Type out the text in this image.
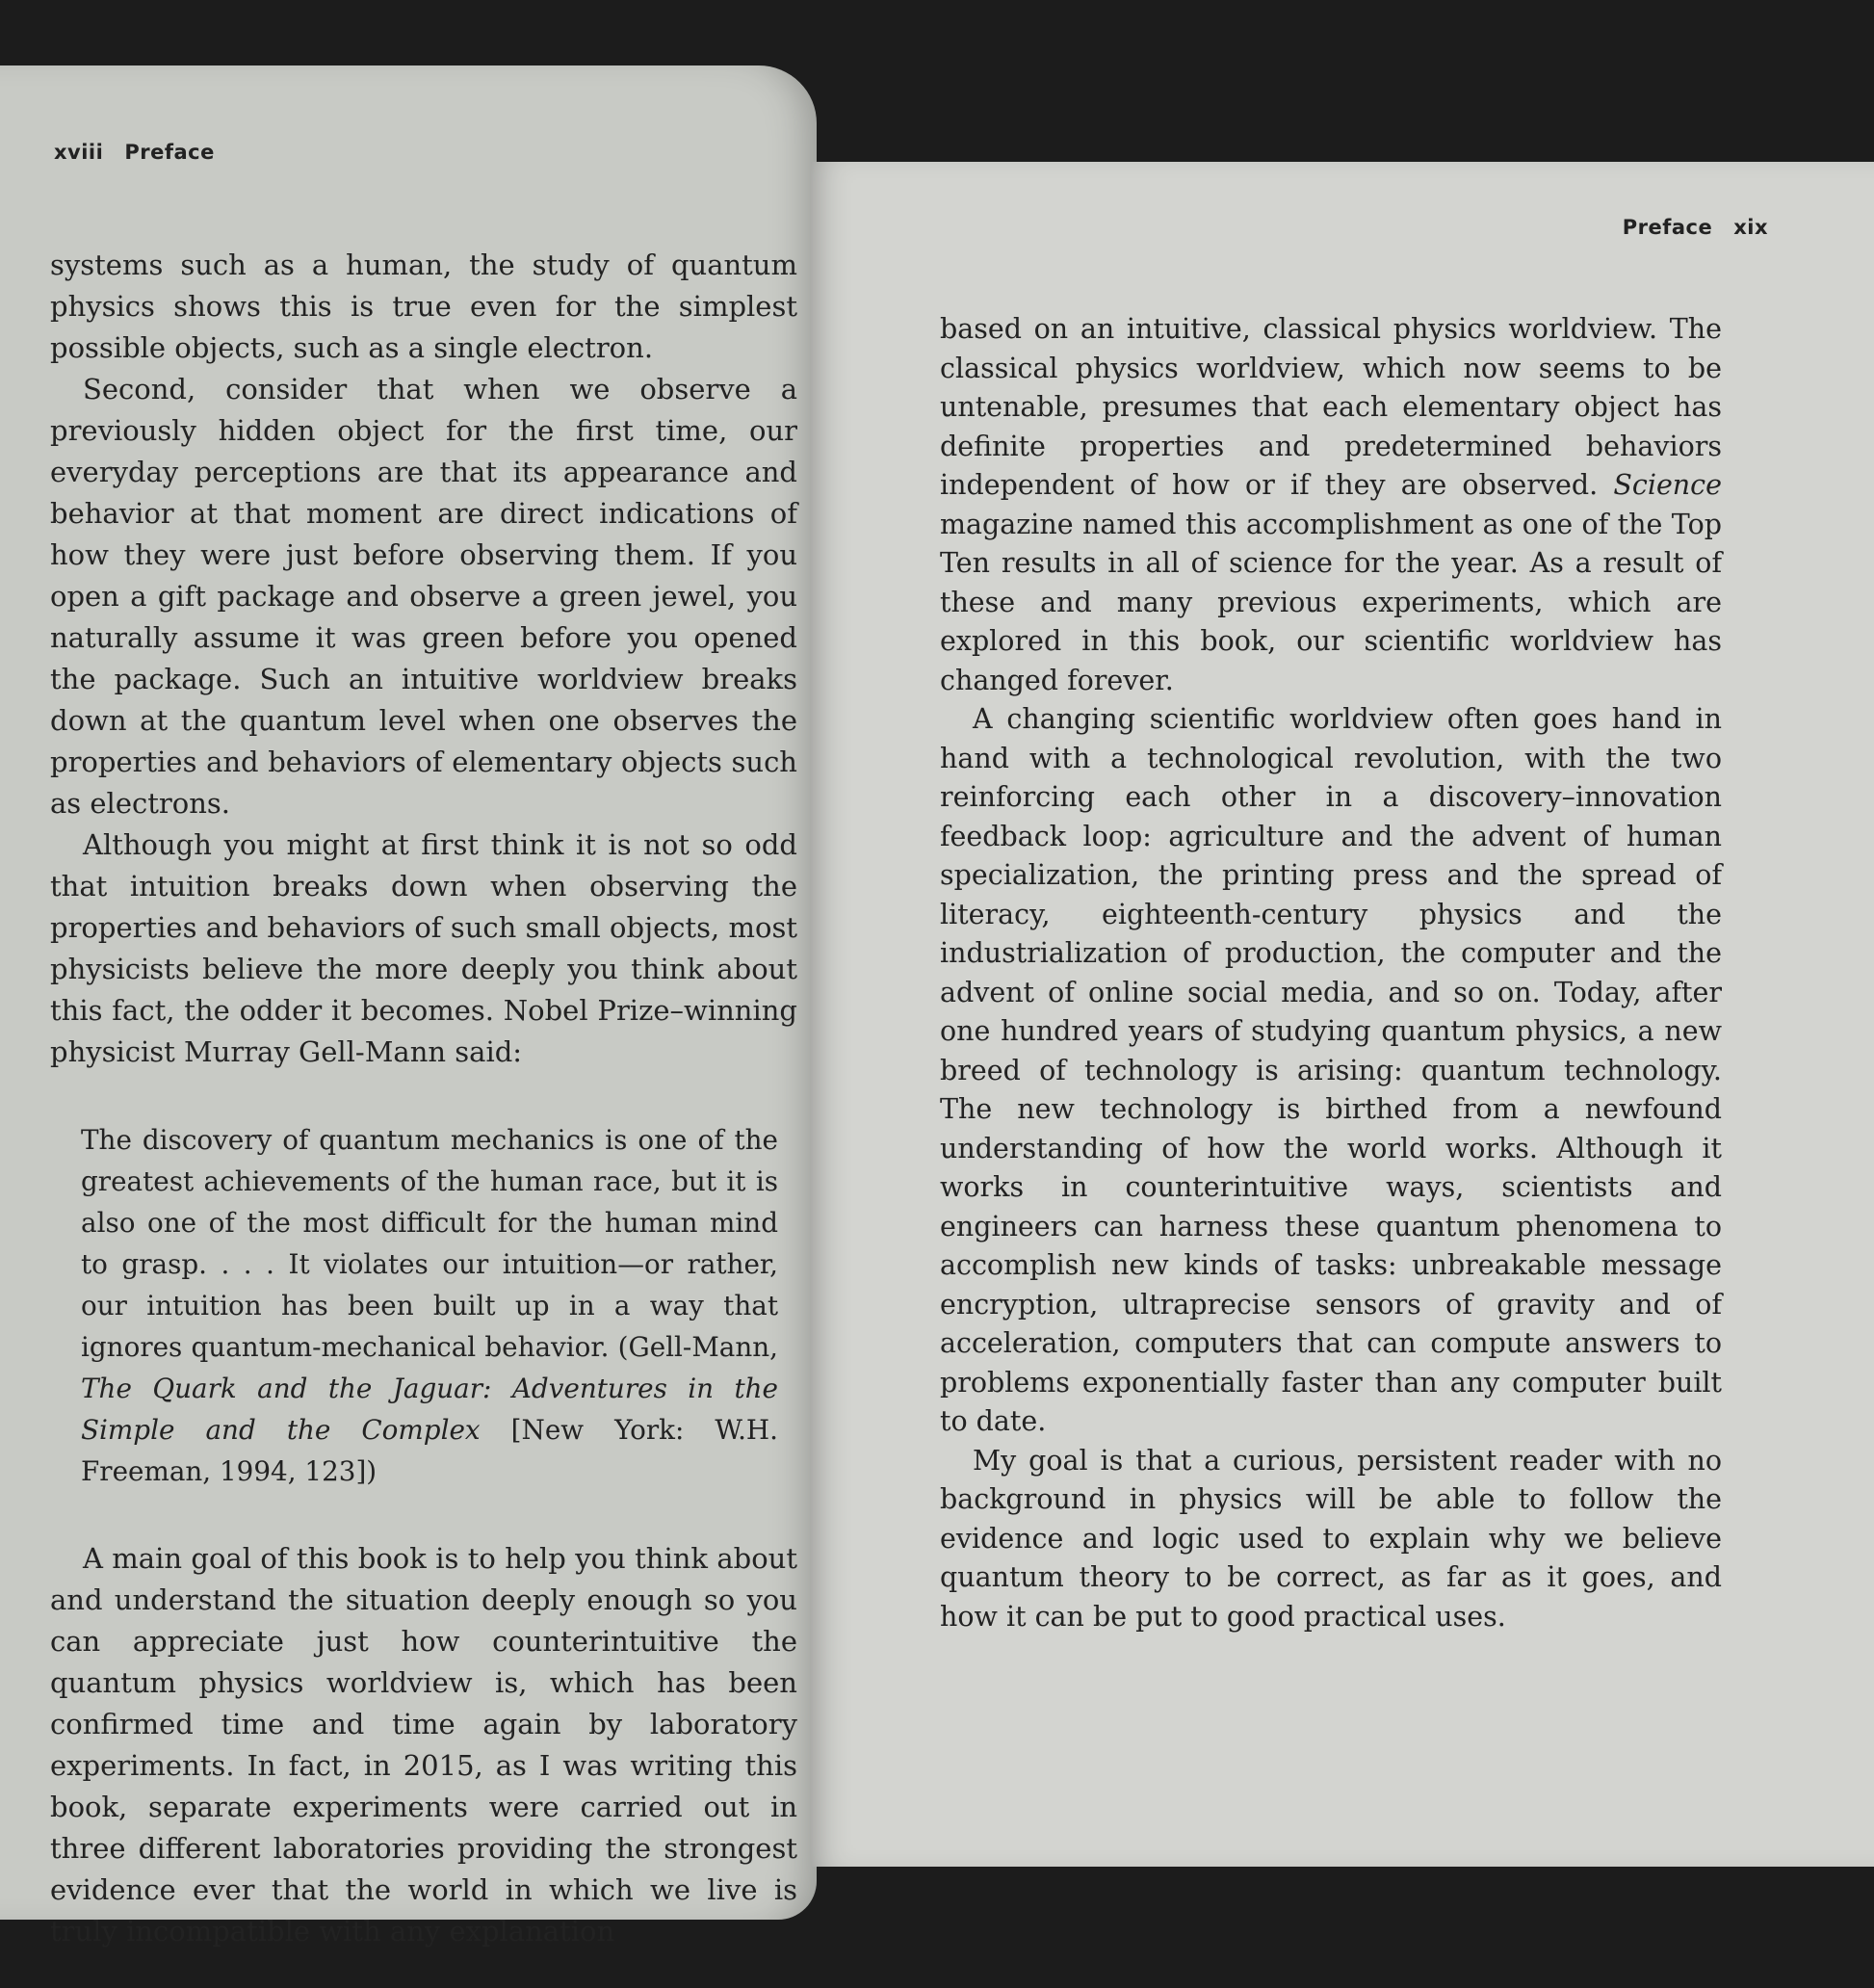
xviii Preface

systems such as a human, the study of quantum physics shows this is true even for the simplest possible objects, such as a single electron.

Second, consider that when we observe a previously hidden object for the first time, our everyday perceptions are that its appearance and behavior at that moment are direct indications of how they were just before observing them. If you open a gift package and observe a green jewel, you naturally assume it was green before you opened the package. Such an intuitive worldview breaks down at the quantum level when one observes the properties and behaviors of elementary objects such as electrons.

Although you might at first think it is not so odd that intuition breaks down when observing the properties and behaviors of such small objects, most physicists believe the more deeply you think about this fact, the odder it becomes. Nobel Prize–winning physicist Murray Gell-Mann said:

The discovery of quantum mechanics is one of the greatest achievements of the human race, but it is also one of the most difficult for the human mind to grasp. . . . It violates our intuition—or rather, our intuition has been built up in a way that ignores quantum-mechanical behavior. (Gell-Mann, The Quark and the Jaguar: Adventures in the Simple and the Complex [New York: W.H. Freeman, 1994, 123])

A main goal of this book is to help you think about and understand the situation deeply enough so you can appreciate just how counterintuitive the quantum physics worldview is, which has been confirmed time and time again by laboratory experiments. In fact, in 2015, as I was writing this book, separate experiments were carried out in three different laboratories providing the strongest evidence ever that the world in which we live is truly incompatible with any explanation

Preface xix

based on an intuitive, classical physics worldview. The classical physics worldview, which now seems to be untenable, presumes that each elementary object has definite properties and predetermined behaviors independent of how or if they are observed. Science magazine named this accomplishment as one of the Top Ten results in all of science for the year. As a result of these and many previous experiments, which are explored in this book, our scientific worldview has changed forever.

A changing scientific worldview often goes hand in hand with a technological revolution, with the two reinforcing each other in a discovery–innovation feedback loop: agriculture and the advent of human specialization, the printing press and the spread of literacy, eighteenth-century physics and the industrialization of production, the computer and the advent of online social media, and so on. Today, after one hundred years of studying quantum physics, a new breed of technology is arising: quantum technology. The new technology is birthed from a newfound understanding of how the world works. Although it works in counterintuitive ways, scientists and engineers can harness these quantum phenomena to accomplish new kinds of tasks: unbreakable message encryption, ultraprecise sensors of gravity and of acceleration, computers that can compute answers to problems exponentially faster than any computer built to date.

My goal is that a curious, persistent reader with no background in physics will be able to follow the evidence and logic used to explain why we believe quantum theory to be correct, as far as it goes, and how it can be put to good practical uses.
